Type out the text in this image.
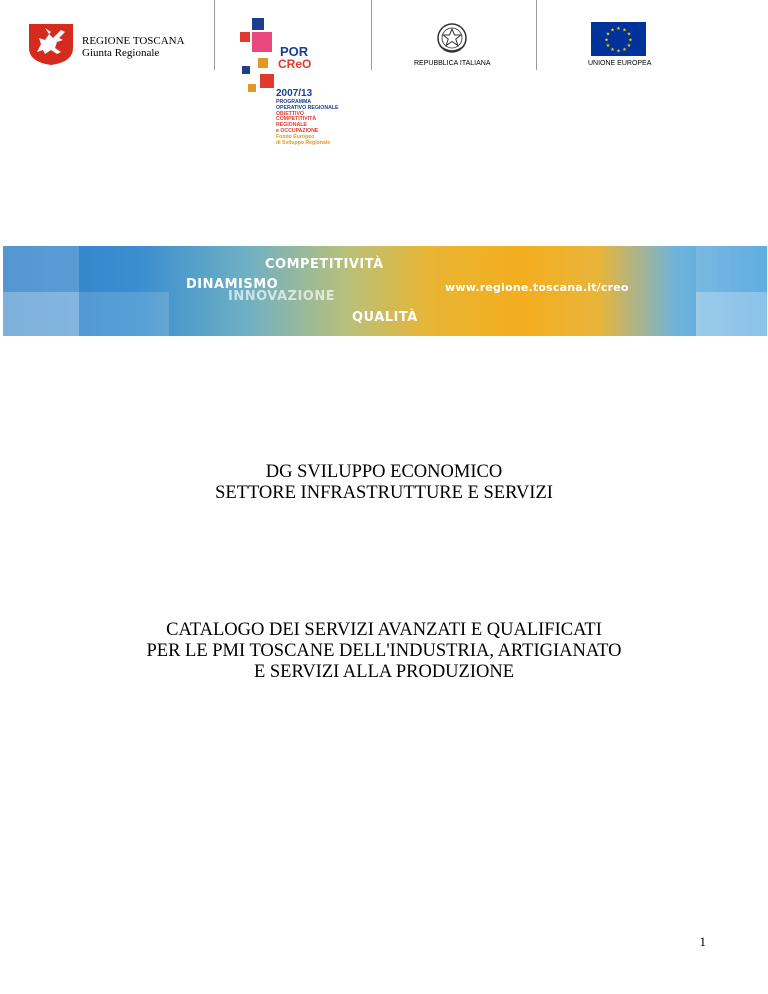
REGIONE TOSCANA
Giunta Regionale	POR
CReO
2007/13
PROGRAMMA
OPERATIVO REGIONALE
OBIETTIVO
COMPETITIVITÀ
REGIONALE
e OCCUPAZIONE
Fondo Europeo
di Sviluppo Regionale
REPUBBLICA ITALIANA
★ ★
★
★
★
★
★
★
★
★
★
★
UNIONE EUROPEA
COMPETITIVITÀ
DINAMISMO
INNOVAZIONE
QUALITÀ
www.regione.toscana.it/creo
DG SVILUPPO ECONOMICO
SETTORE INFRASTRUTTURE E SERVIZI
CATALOGO DEI SERVIZI AVANZATI E QUALIFICATI
PER LE PMI TOSCANE DELL'INDUSTRIA, ARTIGIANATO
E SERVIZI ALLA PRODUZIONE
1
